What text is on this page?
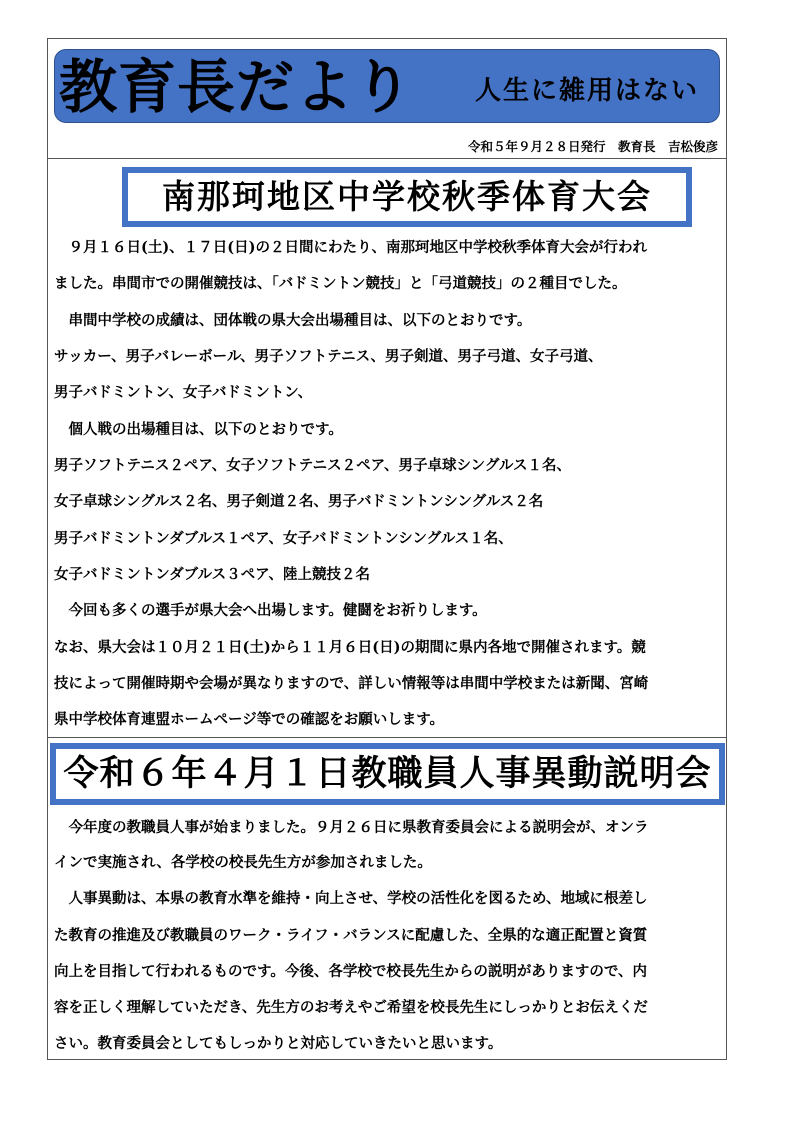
教育長だより 人生に雑用はない
令和５年９月２８日発行　教育長　吉松俊彦
南那珂地区中学校秋季体育大会
　９月１６日(土)、１７日(日)の２日間にわたり、南那珂地区中学校秋季体育大会が行われ
ました。串間市での開催競技は、「バドミントン競技」と「弓道競技」の２種目でした。
　串間中学校の成績は、団体戦の県大会出場種目は、以下のとおりです。
サッカー、男子バレーボール、男子ソフトテニス、男子剣道、男子弓道、女子弓道、
男子バドミントン、女子バドミントン、
　個人戦の出場種目は、以下のとおりです。
男子ソフトテニス２ペア、女子ソフトテニス２ペア、男子卓球シングルス１名、
女子卓球シングルス２名、男子剣道２名、男子バドミントンシングルス２名
男子バドミントンダブルス１ペア、女子バドミントンシングルス１名、
女子バドミントンダブルス３ペア、陸上競技２名
　今回も多くの選手が県大会へ出場します。健闘をお祈りします。
なお、県大会は１０月２１日(土)から１１月６日(日)の期間に県内各地で開催されます。競
技によって開催時期や会場が異なりますので、詳しい情報等は串間中学校または新聞、宮崎
県中学校体育連盟ホームページ等での確認をお願いします。
令和６年４月１日教職員人事異動説明会
　今年度の教職員人事が始まりました。９月２６日に県教育委員会による説明会が、オンラ
インで実施され、各学校の校長先生方が参加されました。
　人事異動は、本県の教育水準を維持・向上させ、学校の活性化を図るため、地域に根差し
た教育の推進及び教職員のワーク・ライフ・バランスに配慮した、全県的な適正配置と資質
向上を目指して行われるものです。今後、各学校で校長先生からの説明がありますので、内
容を正しく理解していただき、先生方のお考えやご希望を校長先生にしっかりとお伝えくだ
さい。教育委員会としてもしっかりと対応していきたいと思います。
